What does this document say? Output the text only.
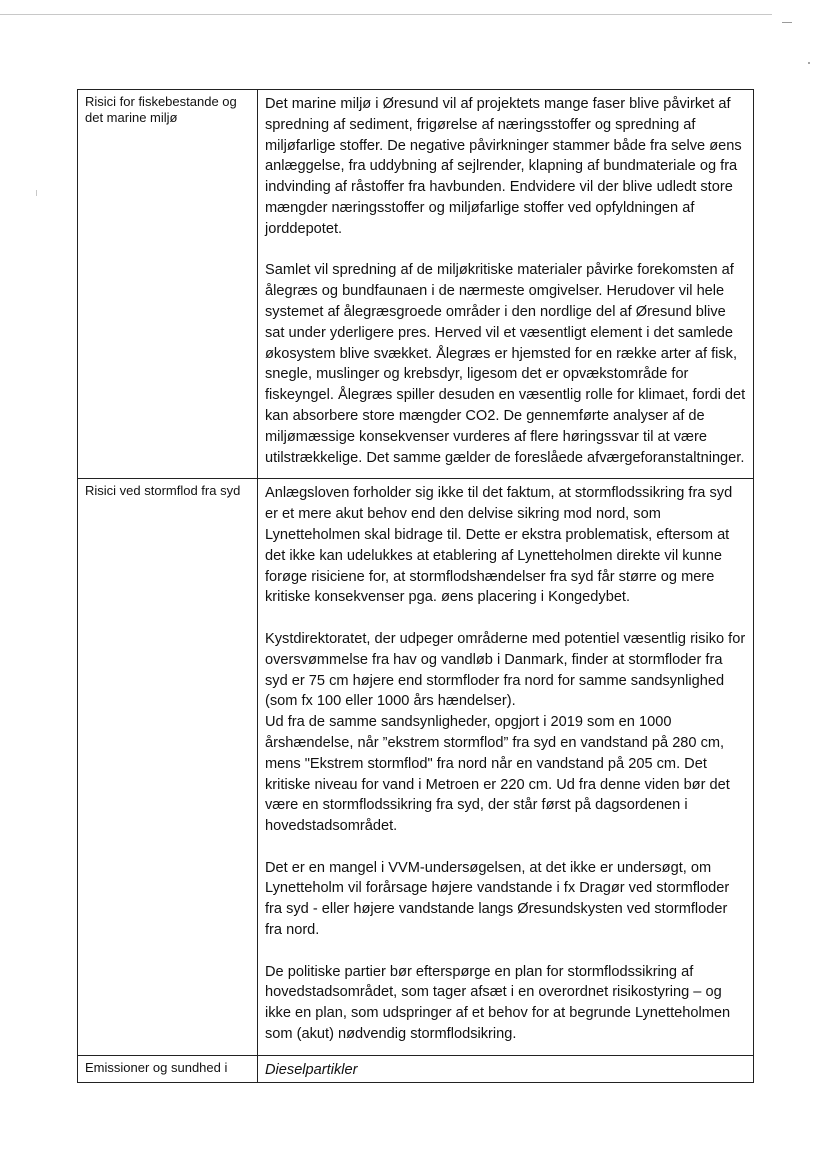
Risici for fiskebestande og det marine miljø	Det marine miljø i Øresund vil af projektets mange faser blive påvirket af spredning af sediment, frigørelse af næringsstoffer og spredning af miljøfarlige stoffer. De negative påvirkninger stammer både fra selve øens anlæggelse, fra uddybning af sejlrender, klapning af bundmateriale og fra indvinding af råstoffer fra havbunden. Endvidere vil der blive udledt store mængder næringsstoffer og miljøfarlige stoffer ved opfyldningen af jorddepotet.

Samlet vil spredning af de miljøkritiske materialer påvirke forekomsten af ålegræs og bundfaunaen i de nærmeste omgivelser. Herudover vil hele systemet af ålegræsgroede områder i den nordlige del af Øresund blive sat under yderligere pres. Herved vil et væsentligt element i det samlede økosystem blive svækket. Ålegræs er hjemsted for en række arter af fisk, snegle, muslinger og krebsdyr, ligesom det er opvækstområde for fiskeyngel. Ålegræs spiller desuden en væsentlig rolle for klimaet, fordi det kan absorbere store mængder CO2. De gennemførte analyser af de miljømæssige konsekvenser vurderes af flere høringssvar til at være utilstrækkelige. Det samme gælder de foreslåede afværgeforanstaltninger.

Risici ved stormflod fra syd	Anlægsloven forholder sig ikke til det faktum, at stormflodssikring fra syd er et mere akut behov end den delvise sikring mod nord, som Lynetteholmen skal bidrage til. Dette er ekstra problematisk, eftersom at det ikke kan udelukkes at etablering af Lynetteholmen direkte vil kunne forøge risiciene for, at stormflodshændelser fra syd får større og mere kritiske konsekvenser pga. øens placering i Kongedybet.

Kystdirektoratet, der udpeger områderne med potentiel væsentlig risiko for oversvømmelse fra hav og vandløb i Danmark, finder at stormfloder fra syd er 75 cm højere end stormfloder fra nord for samme sandsynlighed (som fx 100 eller 1000 års hændelser).
Ud fra de samme sandsynligheder, opgjort i 2019 som en 1000 årshændelse, når ”ekstrem stormflod” fra syd en vandstand på 280 cm, mens "Ekstrem stormflod" fra nord når en vandstand på 205 cm. Det kritiske niveau for vand i Metroen er 220 cm. Ud fra denne viden bør det være en stormflodssikring fra syd, der står først på dagsordenen i hovedstadsområdet.

Det er en mangel i VVM-undersøgelsen, at det ikke er undersøgt, om Lynetteholm vil forårsage højere vandstande i fx Dragør ved stormfloder fra syd - eller højere vandstande langs Øresundskysten ved stormfloder fra nord.

De politiske partier bør efterspørge en plan for stormflodssikring af hovedstadsområdet, som tager afsæt i en overordnet risikostyring – og ikke en plan, som udspringer af et behov for at begrunde Lynetteholmen som (akut) nødvendig stormflodsikring.

Emissioner og sundhed i	Dieselpartikler
